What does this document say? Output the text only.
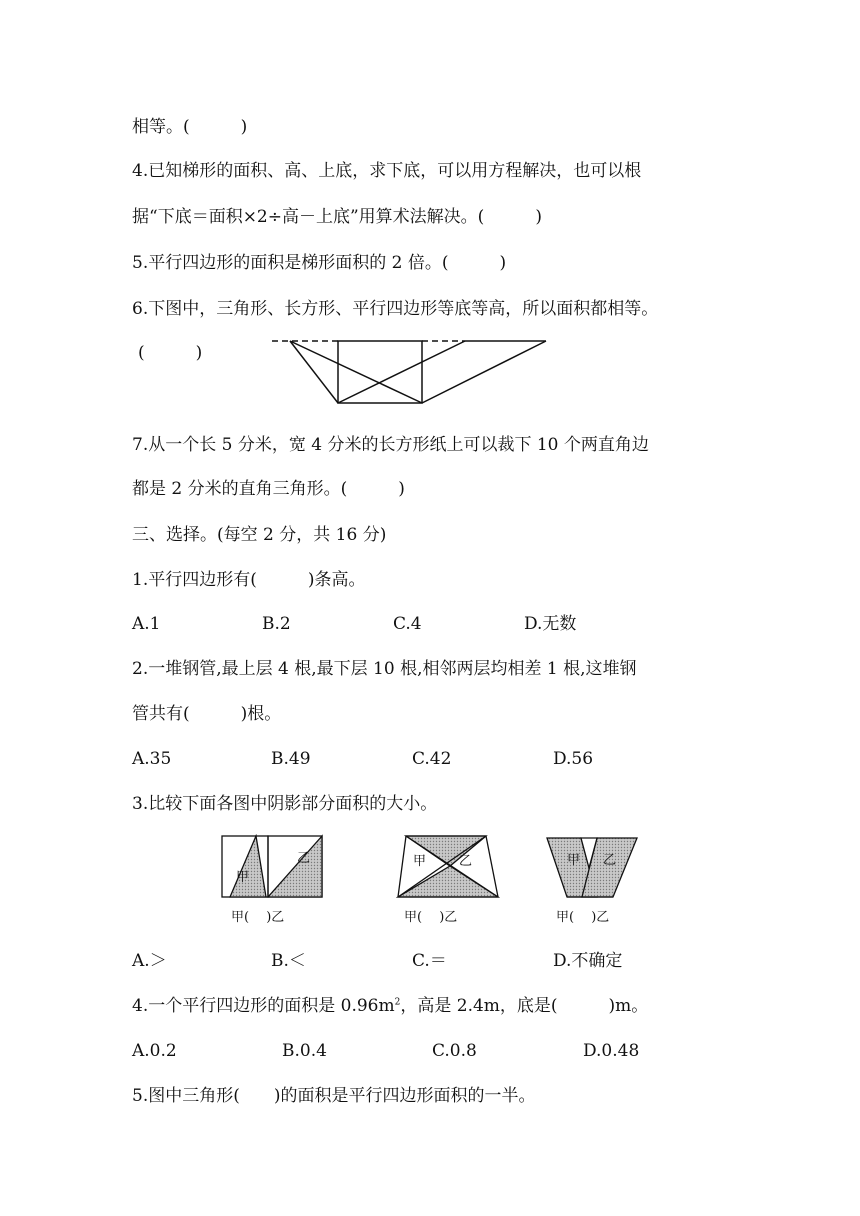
相等。(　　　)
4.已知梯形的面积、高、上底，求下底，可以用方程解决，也可以根
据“下底＝面积×2÷高－上底”用算术法解决。(　　　)
5.平行四边形的面积是梯形面积的 2 倍。(　　　)
6.下图中，三角形、长方形、平行四边形等底等高，所以面积都相等。
(　　　)
7.从一个长 5 分米，宽 4 分米的长方形纸上可以裁下 10 个两直角边
都是 2 分米的直角三角形。(　　　)
三、选择。(每空 2 分，共 16 分)
1.平行四边形有(　　　)条高。
A.1	B.2	C.4	D.无数
2.一堆钢管,最上层 4 根,最下层 10 根,相邻两层均相差 1 根,这堆钢
管共有(　　　)根。
A.35	B.49	C.42	D.56
3.比较下面各图中阴影部分面积的大小。
甲
乙	甲	乙	甲 乙
甲(　 )乙	甲(　 )乙	甲(　 )乙
A.＞	B.＜	C.＝	D.不确定
4.一个平行四边形的面积是 $0.96m^2$，高是 2.4m，底是(　　　)m。
A.0.2	B.0.4	C.0.8	D.0.48
5.图中三角形(　　)的面积是平行四边形面积的一半。
